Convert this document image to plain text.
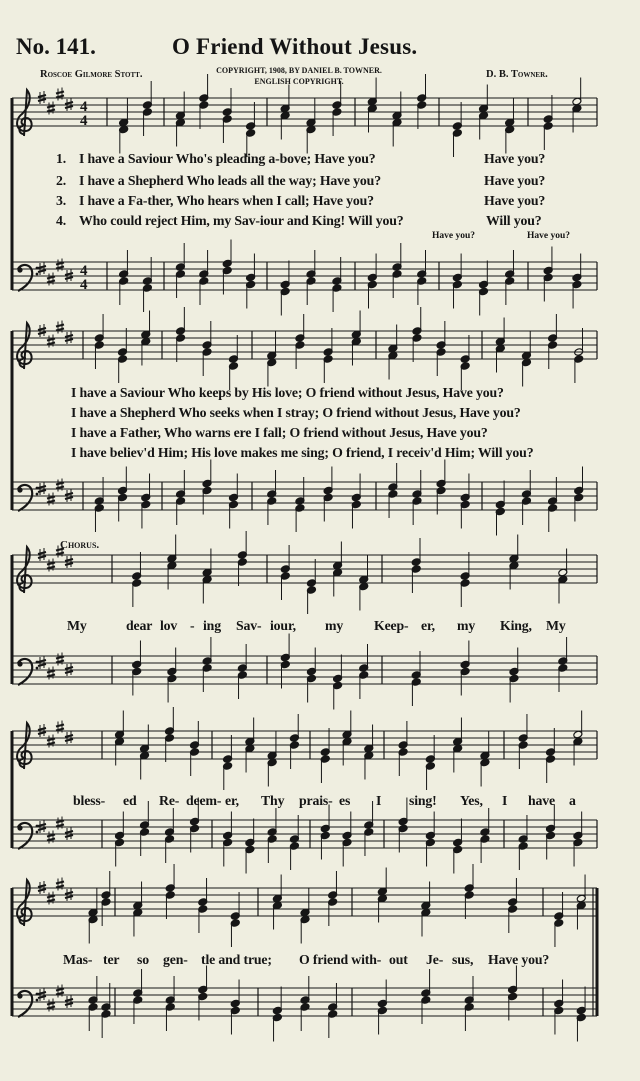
No. 141.	O Friend Without Jesus.
Roscoe Gilmore Stott.	COPYRIGHT, 1908, BY DANIEL B. TOWNER.
ENGLISH COPYRIGHT.
D. B. Towner.
4
4
4
4
1. I have a Saviour Who's pleading a-bove; Have you?	Have you?
2. I have a Shepherd Who leads all the way; Have you?	Have you?
3. I have a Fa-ther, Who hears when I call; Have you?	Have you?
4. Who could reject Him, my Sav-iour and King! Will you?	Will you?
Have you?	Have you?
I have a Saviour Who keeps by His love; O friend without Jesus, Have you?
I have a Shepherd Who seeks when I stray; O friend without Jesus, Have you?
I have a Father, Who warns ere I fall; O friend without Jesus, Have you?
I have believ'd Him; His love makes me sing; O friend, I receiv'd Him; Will you?
Chorus.
My	dear lov - ing Sav- iour, my Keep- er, my King, My
bless- ed Re- deem- er, Thy prais- es I sing! Yes, I have a
Mas- ter so gen- tle and true; O friend with- out Je- sus, Have you?
